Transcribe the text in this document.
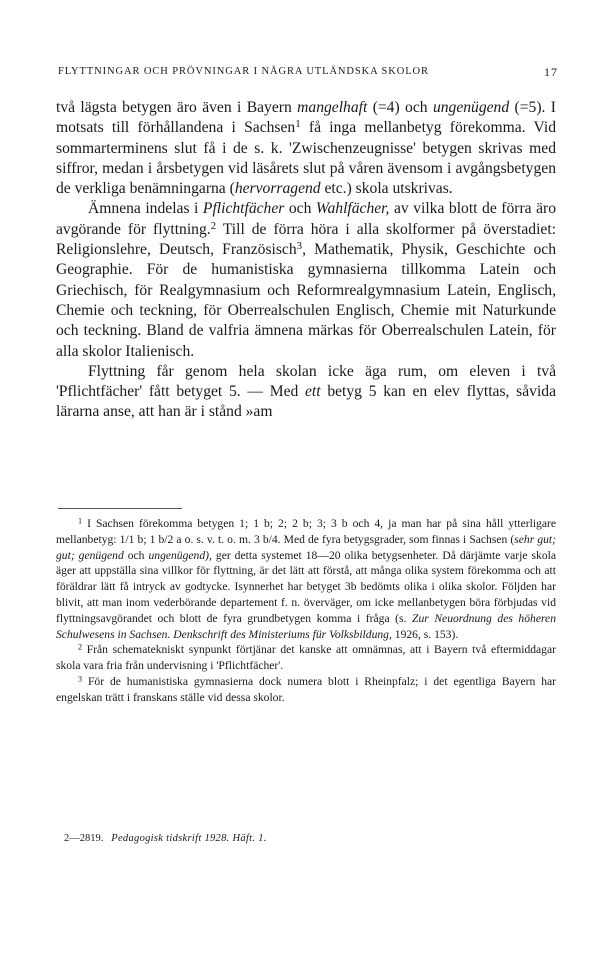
FLYTTNINGAR OCH PRÖVNINGAR I NÅGRA UTLÄNDSKA SKOLOR	17

två lägsta betygen äro även i Bayern mangelhaft (=4) och ungenügend (=5). I motsats till förhållandena i Sachsen$^1$ få inga mellanbetyg förekomma. Vid sommarterminens slut få i de s. k. 'Zwischenzeugnisse' betygen skrivas med siffror, medan i årsbetygen vid läsårets slut på våren ävensom i avgångsbetygen de verkliga benämningarna (hervorragend etc.) skola utskrivas.

Ämnena indelas i Pflichtfächer och Wahlfächer, av vilka blott de förra äro avgörande för flyttning.$^2$ Till de förra höra i alla skolformer på överstadiet: Religionslehre, Deutsch, Französisch$^3$, Mathematik, Physik, Geschichte och Geographie. För de humanistiska gymnasierna tillkomma Latein och Griechisch, för Realgymnasium och Reformrealgymnasium Latein, Englisch, Chemie och teckning, för Oberrealschulen Englisch, Chemie mit Naturkunde och teckning. Bland de valfria ämnena märkas för Oberrealschulen Latein, för alla skolor Italienisch.

Flyttning får genom hela skolan icke äga rum, om eleven i två 'Pflichtfächer' fått betyget 5. — Med ett betyg 5 kan en elev flyttas, såvida lärarna anse, att han är i stånd »am

$^1$ I Sachsen förekomma betygen 1; 1 b; 2; 2 b; 3; 3 b och 4, ja man har på sina håll ytterligare mellanbetyg: 1/1 b; 1 b/2 a o. s. v. t. o. m. 3 b/4. Med de fyra betygsgrader, som finnas i Sachsen (sehr gut; gut; genügend och ungenügend), ger detta systemet 18—20 olika betygsenheter. Då därjämte varje skola äger att uppställa sina villkor för flyttning, är det lätt att förstå, att många olika system förekomma och att föräldrar lätt få intryck av godtycke. Isynnerhet har betyget 3b bedömts olika i olika skolor. Följden har blivit, att man inom vederbörande departement f. n. överväger, om icke mellanbetygen böra förbjudas vid flyttningsavgörandet och blott de fyra grundbetygen komma i fråga (s. Zur Neuordnung des höheren Schulwesens in Sachsen. Denkschrift des Ministeriums für Volksbildung, 1926, s. 153).

$^2$ Från schematekniskt synpunkt förtjänar det kanske att omnämnas, att i Bayern två eftermiddagar skola vara fria från undervisning i 'Pflichtfächer'.

$^3$ För de humanistiska gymnasierna dock numera blott i Rheinpfalz; i det egentliga Bayern har engelskan trätt i franskans ställe vid dessa skolor.

2—2819. Pedagogisk tidskrift 1928. Häft. 1.
